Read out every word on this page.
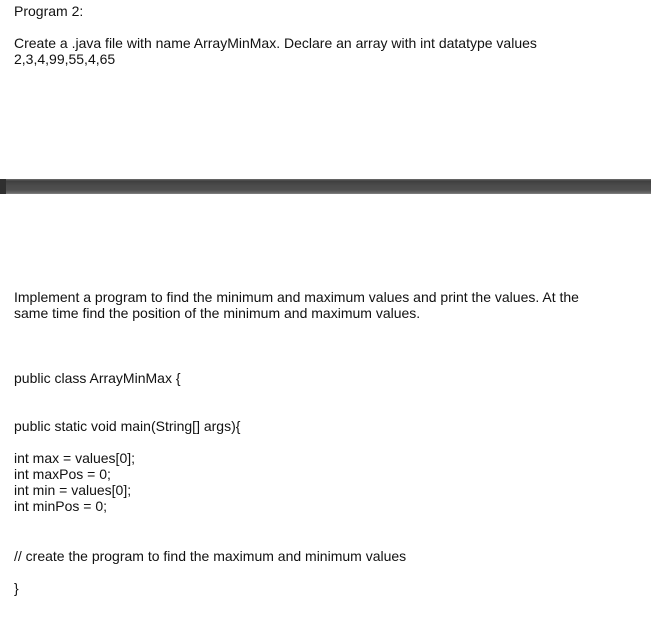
Program 2:

Create a .java file with name ArrayMinMax. Declare an array with int datatype values

2,3,4,99,55,4,65

Implement a program to find the minimum and maximum values and print the values. At the

same time find the position of the minimum and maximum values.

public class ArrayMinMax {

public static void main(String[] args){

int max = values[0];

int maxPos = 0;

int min = values[0];

int minPos = 0;

// create the program to find the maximum and minimum values

}
